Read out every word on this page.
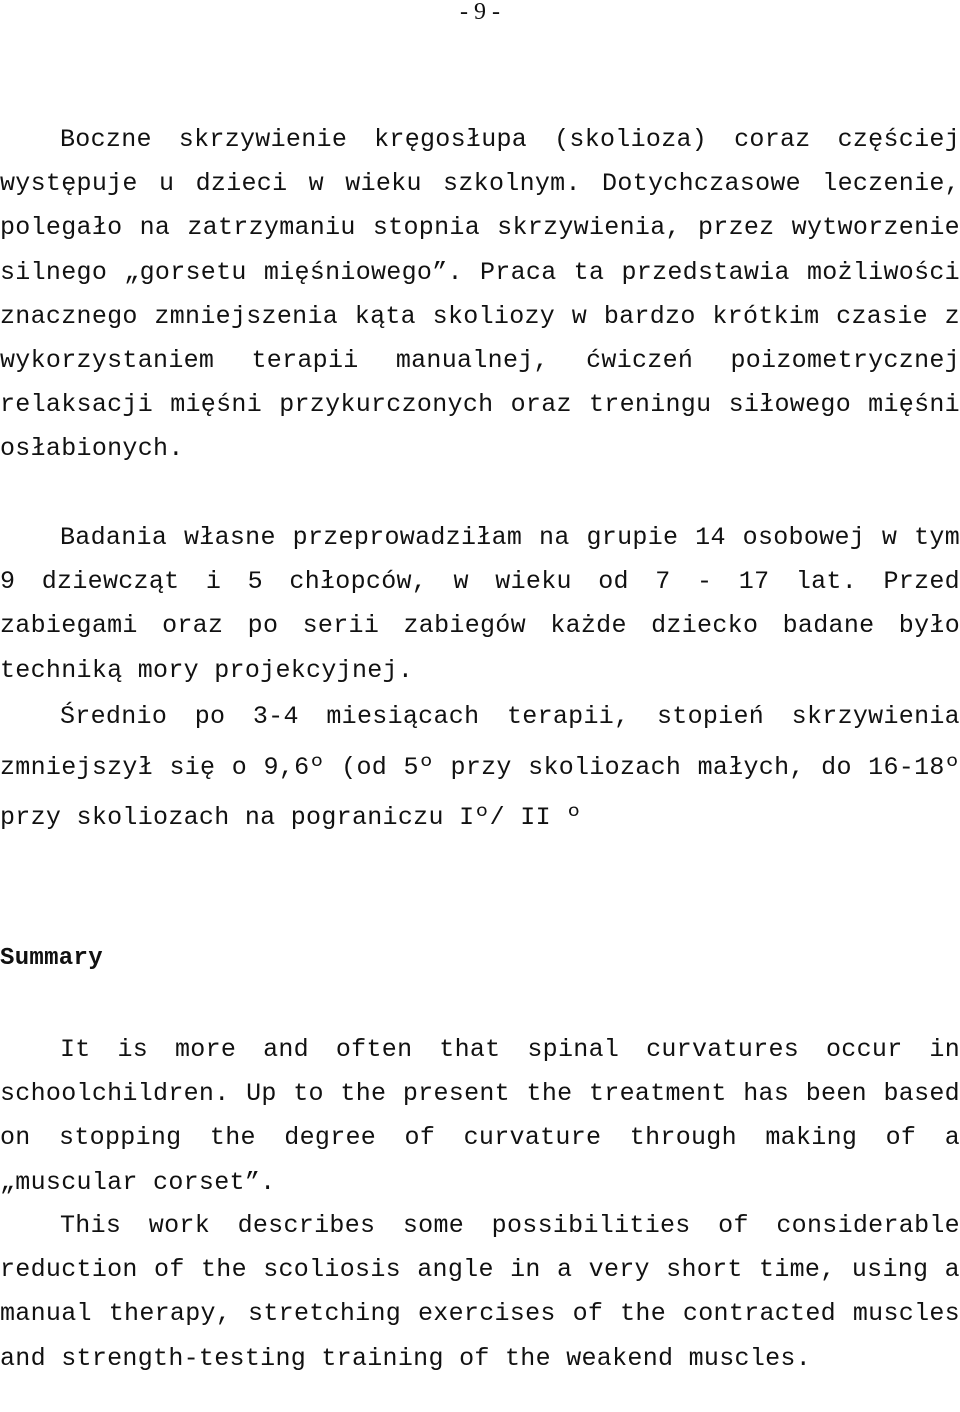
- 9 -

Boczne skrzywienie kręgosłupa (skolioza) coraz częściej występuje u dzieci w wieku szkolnym. Dotychczasowe leczenie, polegało na zatrzymaniu stopnia skrzywienia, przez wytworzenie silnego „gorsetu mięśniowego”. Praca ta przedstawia możliwości znacznego zmniejszenia kąta skoliozy w bardzo krótkim czasie z wykorzystaniem terapii manualnej, ćwiczeń poizometrycznej relaksacji mięśni przykurczonych oraz treningu siłowego mięśni osłabionych.

Badania własne przeprowadziłam na grupie 14 osobowej w tym 9 dziewcząt i 5 chłopców, w wieku od 7 - 17 lat. Przed zabiegami oraz po serii zabiegów każde dziecko badane było techniką mory projekcyjnej.

Średnio po 3-4 miesiącach terapii, stopień skrzywienia zmniejszył się o 9,6º (od 5º przy skoliozach małych, do 16-18º przy skoliozach na pograniczu Iº/ II º

Summary

It is more and often that spinal curvatures occur in schoolchildren. Up to the present the treatment has been based on stopping the degree of curvature through making of a „muscular corset”.

This work describes some possibilities of considerable reduction of the scoliosis angle in a very short time, using a manual therapy, stretching exercises of the contracted muscles and strength-testing training of the weakend muscles.
